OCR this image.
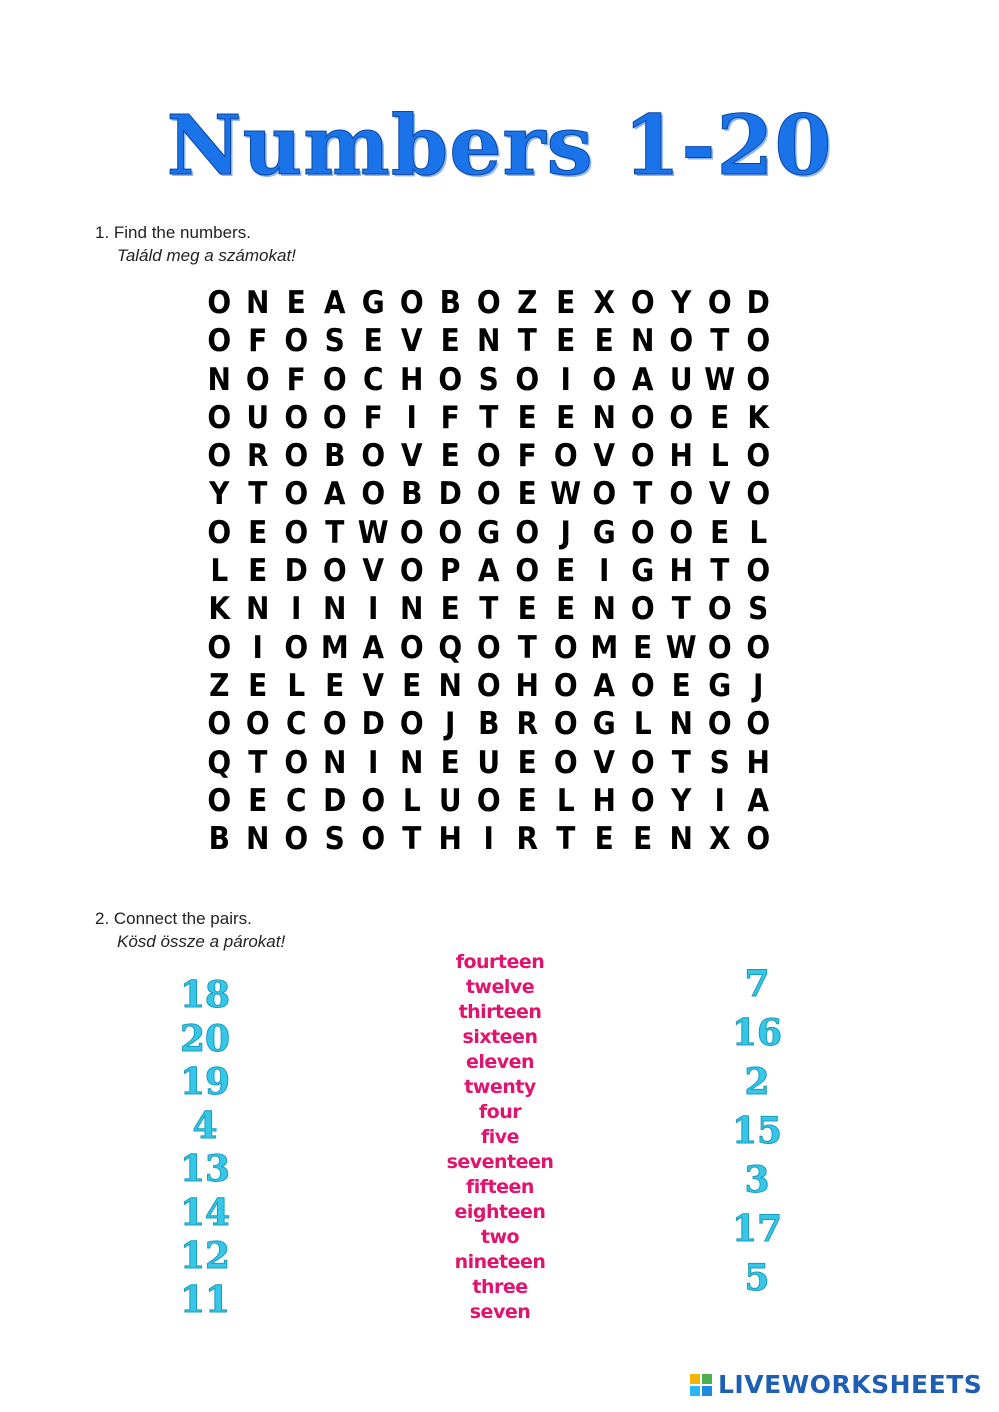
Numbers 1-20
1. Find the numbers.
Találd meg a számokat!
O N E A G O B O Z E X O Y O D
O F O S E V E N T E E N O T O
N O F O C H O S O I O A U W O
O U O O F I F T E E N O O E K
O R O B O V E O F O V O H L O
Y T O A O B D O E W O T O V O
O E O T W O O G O J G O O E L
L E D O V O P A O E I G H T O
K N I N I N E T E E N O T O S
O I O M A O Q O T O M E W O O
Z E L E V E N O H O A O E G J
O O C O D O J B R O G L N O O
Q T O N I N E U E O V O T S H
O E C D O L U O E L H O Y I A
B N O S O T H I R T E E N X O
2. Connect the pairs.
Kösd össze a párokat!
18
20
19
4
13
14
12
11
fourteen
twelve
thirteen
sixteen
eleven
twenty
four
five
seventeen
fifteen
eighteen
two
nineteen
three
seven
7
16
2
15
3
17
5
LIVEWORKSHEETS
